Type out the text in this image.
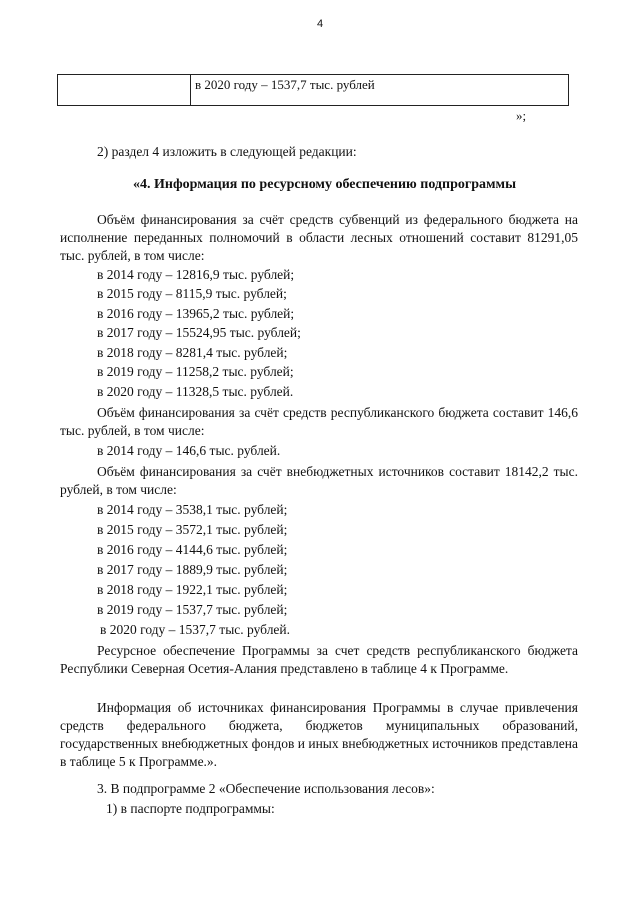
4
	в 2020 году – 1537,7 тыс. рублей
»;
2) раздел 4 изложить в следующей редакции:
«4. Информация по ресурсному обеспечению подпрограммы
Объём финансирования за счёт средств субвенций из федерального бюджета на исполнение переданных полномочий в области лесных отношений составит 81291,05 тыс. рублей, в том числе:
в 2014 году – 12816,9 тыс. рублей;
в 2015 году – 8115,9 тыс. рублей;
в 2016 году – 13965,2 тыс. рублей;
в 2017 году – 15524,95 тыс. рублей;
в 2018 году – 8281,4 тыс. рублей;
в 2019 году – 11258,2 тыс. рублей;
в 2020 году – 11328,5 тыс. рублей.
Объём финансирования за счёт средств республиканского бюджета составит 146,6 тыс. рублей, в том числе:
в 2014 году – 146,6 тыс. рублей.
Объём финансирования за счёт внебюджетных источников составит 18142,2 тыс. рублей, в том числе:
в 2014 году – 3538,1 тыс. рублей;
в 2015 году – 3572,1 тыс. рублей;
в 2016 году – 4144,6 тыс. рублей;
в 2017 году – 1889,9 тыс. рублей;
в 2018 году – 1922,1 тыс. рублей;
в 2019 году – 1537,7 тыс. рублей;
в 2020 году – 1537,7 тыс. рублей.
Ресурсное обеспечение Программы за счет средств республиканского бюджета Республики Северная Осетия-Алания представлено в таблице 4 к Программе.
Информация об источниках финансирования Программы в случае привлечения средств федерального бюджета, бюджетов муниципальных образований, государственных внебюджетных фондов и иных внебюджетных источников представлена в таблице 5 к Программе.».
3. В подпрограмме 2 «Обеспечение использования лесов»:
1) в паспорте подпрограммы:
